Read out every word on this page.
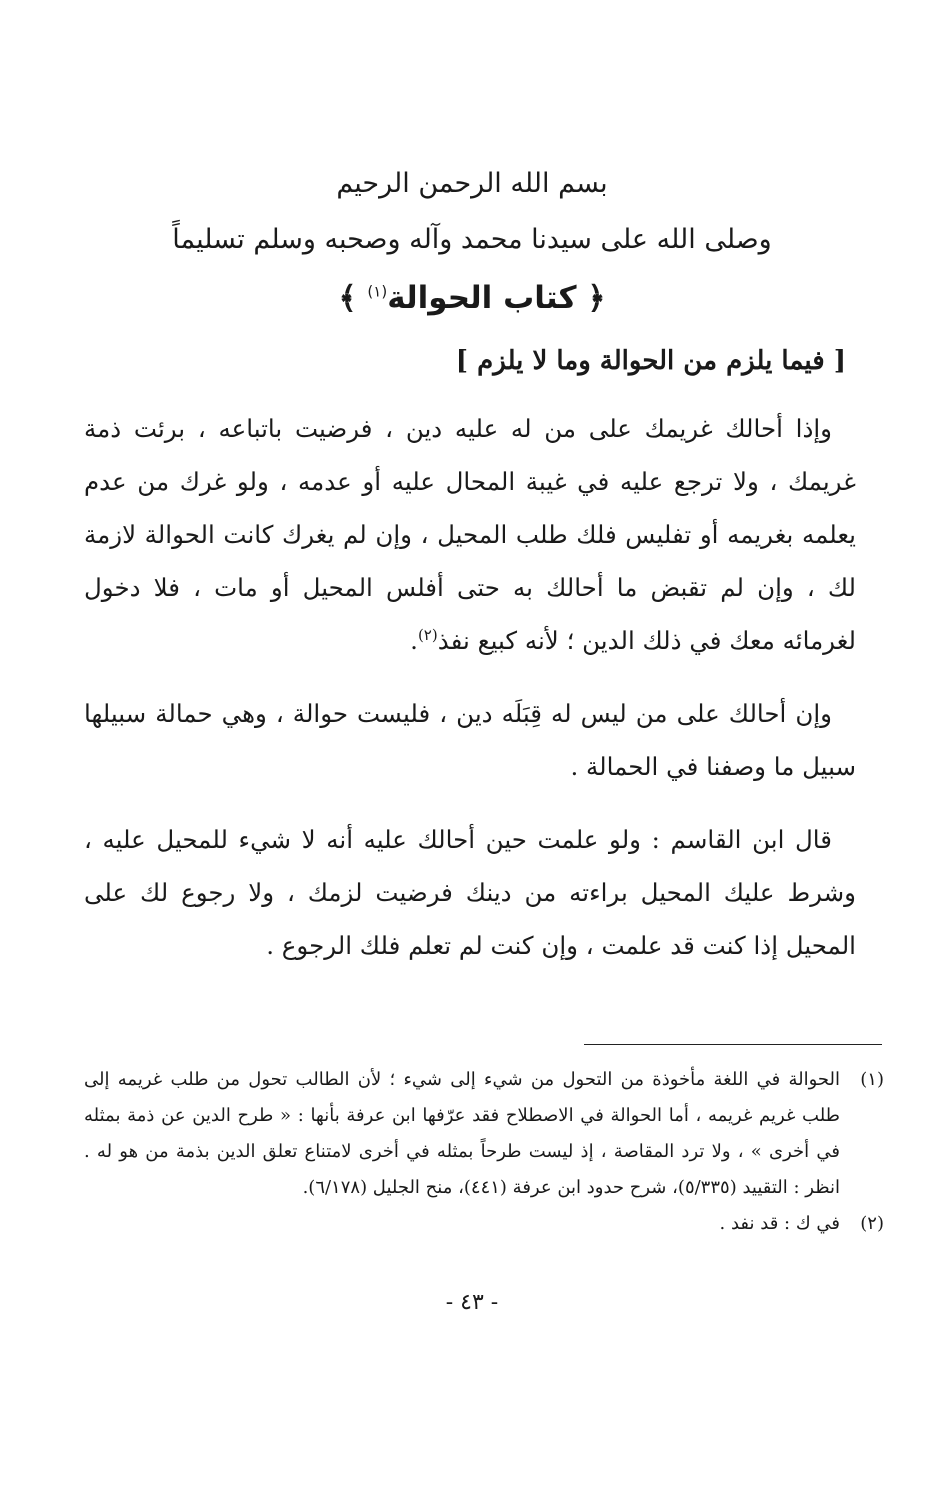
بسم الله الرحمن الرحيم
وصلى الله على سيدنا محمد وآله وصحبه وسلم تسليماً
﴿ كتاب الحوالة$^{(١)}$ ﴾
[ فيما يلزم من الحوالة وما لا يلزم ]

وإذا أحالك غريمك على من له عليه دين ، فرضيت باتباعه ، برئت ذمة غريمك ، ولا ترجع عليه في غيبة المحال عليه أو عدمه ، ولو غرك من عدم يعلمه بغريمه أو تفليس فلك طلب المحيل ، وإن لم يغرك كانت الحوالة لازمة لك ، وإن لم تقبض ما أحالك به حتى أفلس المحيل أو مات ، فلا دخول لغرمائه معك في ذلك الدين ؛ لأنه كبيع نفذ$^{(٢)}$.

وإن أحالك على من ليس له قِبَلَه دين ، فليست حوالة ، وهي حمالة سبيلها سبيل ما وصفنا في الحمالة .

قال ابن القاسم : ولو علمت حين أحالك عليه أنه لا شيء للمحيل عليه ، وشرط عليك المحيل براءته من دينك فرضيت لزمك ، ولا رجوع لك على المحيل إذا كنت قد علمت ، وإن كنت لم تعلم فلك الرجوع .

(١)
الحوالة في اللغة مأخوذة من التحول من شيء إلى شيء ؛ لأن الطالب تحول من طلب غريمه إلى طلب غريم غريمه ، أما الحوالة في الاصطلاح فقد عرّفها ابن عرفة بأنها : « طرح الدين عن ذمة بمثله في أخرى » ، ولا ترد المقاصة ، إذ ليست طرحاً بمثله في أخرى لامتناع تعلق الدين بذمة من هو له . انظر : التقييد (٥/٣٣٥)، شرح حدود ابن عرفة (٤٤١)، منح الجليل (٦/١٧٨).
(٢)
في ك : قد نفد .
- ٤٣ -
